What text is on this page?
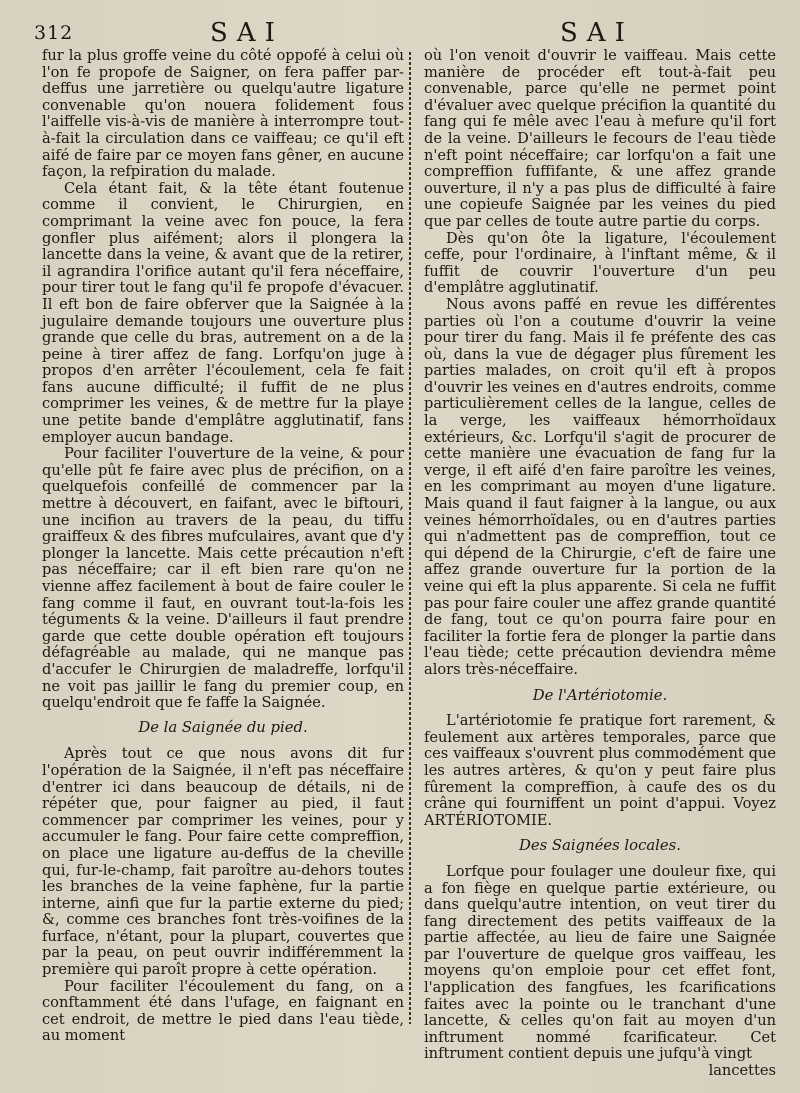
312	SAI	SAI

fur la plus groffe veine du côté oppofé à celui où l'on fe propofe de Saigner, on fera paffer par-deffus une jarretière ou quelqu'autre ligature convenable qu'on nouera folidement fous l'aiffelle vis-à-vis de manière à interrompre tout-à-fait la circulation dans ce vaiffeau; ce qu'il eft aifé de faire par ce moyen fans gêner, en aucune façon, la refpiration du malade.

Cela étant fait, & la tête étant foutenue comme il convient, le Chirurgien, en comprimant la veine avec fon pouce, la fera gonfler plus aifément; alors il plongera la lancette dans la veine, & avant que de la retirer, il agrandira l'orifice autant qu'il fera néceffaire, pour tirer tout le fang qu'il fe propofe d'évacuer. Il eft bon de faire obferver que la Saignée à la jugulaire demande toujours une ouverture plus grande que celle du bras, autrement on a de la peine à tirer affez de fang. Lorfqu'on juge à propos d'en arrêter l'écoulement, cela fe fait fans aucune difficulté; il fuffit de ne plus comprimer les veines, & de mettre fur la playe une petite bande d'emplâtre agglutinatif, fans employer aucun bandage.

Pour faciliter l'ouverture de la veine, & pour qu'elle pût fe faire avec plus de précifion, on a quelquefois confeillé de commencer par la mettre à découvert, en faifant, avec le biftouri, une incifion au travers de la peau, du tiffu graiffeux & des fibres mufculaires, avant que d'y plonger la lancette. Mais cette précaution n'eft pas néceffaire; car il eft bien rare qu'on ne vienne affez facilement à bout de faire couler le fang comme il faut, en ouvrant tout-la-fois les téguments & la veine. D'ailleurs il faut prendre garde que cette double opération eft toujours défagréable au malade, qui ne manque pas d'accufer le Chirurgien de maladreffe, lorfqu'il ne voit pas jaillir le fang du premier coup, en quelqu'endroit que fe faffe la Saignée.

De la Saignée du pied.

Après tout ce que nous avons dit fur l'opération de la Saignée, il n'eft pas néceffaire d'entrer ici dans beaucoup de détails, ni de répéter que, pour faigner au pied, il faut commencer par comprimer les veines, pour y accumuler le fang. Pour faire cette compreffion, on place une ligature au-deffus de la cheville qui, fur-le-champ, fait paroître au-dehors toutes les branches de la veine faphène, fur la partie interne, ainfi que fur la partie externe du pied; &, comme ces branches font très-voifines de la furface, n'étant, pour la plupart, couvertes que par la peau, on peut ouvrir indifféremment la première qui paroît propre à cette opération.

Pour faciliter l'écoulement du fang, on a conftamment été dans l'ufage, en faignant en cet endroit, de mettre le pied dans l'eau tiède, au moment

où l'on venoit d'ouvrir le vaiffeau. Mais cette manière de procéder eft tout-à-fait peu convenable, parce qu'elle ne permet point d'évaluer avec quelque précifion la quantité du fang qui fe mêle avec l'eau à mefure qu'il fort de la veine. D'ailleurs le fecours de l'eau tiède n'eft point néceffaire; car lorfqu'on a fait une compreffion fuffifante, & une affez grande ouverture, il n'y a pas plus de difficulté à faire une copieufe Saignée par les veines du pied que par celles de toute autre partie du corps.

Dès qu'on ôte la ligature, l'écoulement ceffe, pour l'ordinaire, à l'inftant même, & il fuffit de couvrir l'ouverture d'un peu d'emplâtre agglutinatif.

Nous avons paffé en revue les différentes parties où l'on a coutume d'ouvrir la veine pour tirer du fang. Mais il fe préfente des cas où, dans la vue de dégager plus fûrement les parties malades, on croit qu'il eft à propos d'ouvrir les veines en d'autres endroits, comme particulièrement celles de la langue, celles de la verge, les vaiffeaux hémorrhoïdaux extérieurs, &c. Lorfqu'il s'agit de procurer de cette manière une évacuation de fang fur la verge, il eft aifé d'en faire paroître les veines, en les comprimant au moyen d'une ligature. Mais quand il faut faigner à la langue, ou aux veines hémorrhoïdales, ou en d'autres parties qui n'admettent pas de compreffion, tout ce qui dépend de la Chirurgie, c'eft de faire une affez grande ouverture fur la portion de la veine qui eft la plus apparente. Si cela ne fuffit pas pour faire couler une affez grande quantité de fang, tout ce qu'on pourra faire pour en faciliter la fortie fera de plonger la partie dans l'eau tiède; cette précaution deviendra même alors très-néceffaire.

De l'Artériotomie.

L'artériotomie fe pratique fort rarement, & feulement aux artères temporales, parce que ces vaiffeaux s'ouvrent plus commodément que les autres artères, & qu'on y peut faire plus fûrement la compreffion, à caufe des os du crâne qui fourniffent un point d'appui. Voyez ARTÉRIOTOMIE.

Des Saignées locales.

Lorfque pour foulager une douleur fixe, qui a fon fiège en quelque partie extérieure, ou dans quelqu'autre intention, on veut tirer du fang directement des petits vaiffeaux de la partie affectée, au lieu de faire une Saignée par l'ouverture de quelque gros vaiffeau, les moyens qu'on emploie pour cet effet font, l'application des fangfues, les fcarifications faites avec la pointe ou le tranchant d'une lancette, & celles qu'on fait au moyen d'un inftrument nommé fcarificateur. Cet inftrument contient depuis une jufqu'à vingt

lancettes
